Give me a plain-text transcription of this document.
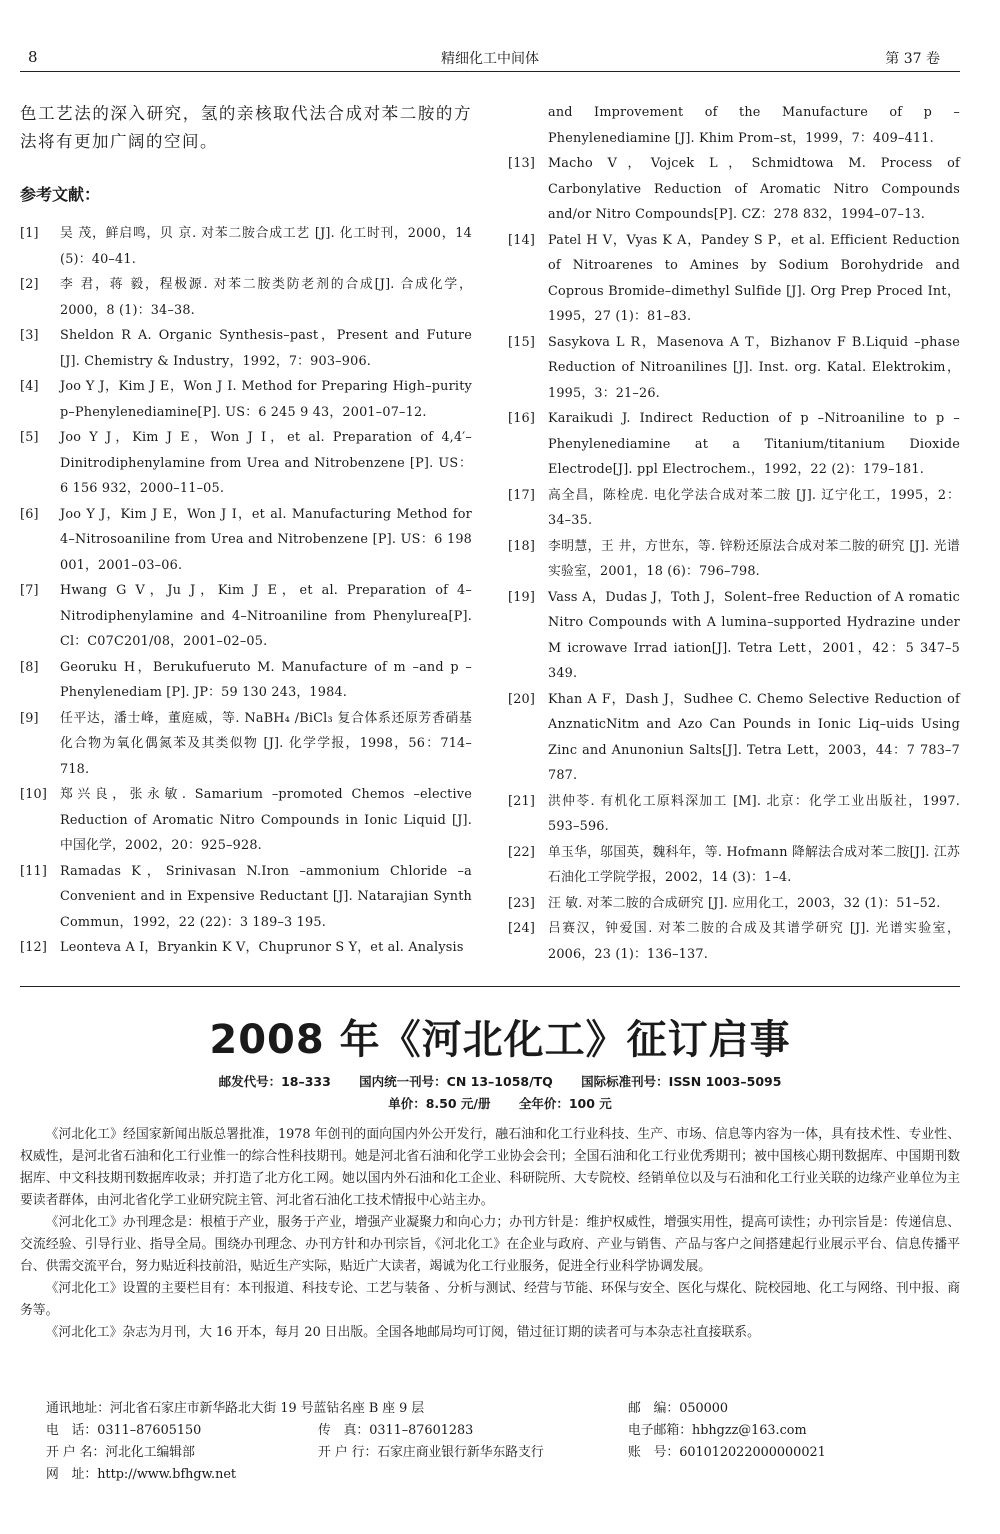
8	精细化工中间体	第 37 卷

色工艺法的深入研究，氢的亲核取代法合成对苯二胺的方法将有更加广阔的空间。

参考文献：
[1] 吴 茂，鲜启鸣，贝 京. 对苯二胺合成工艺 [J]. 化工时刊，2000，14 (5)：40–41.
[2] 李 君，蒋 毅，程极源. 对苯二胺类防老剂的合成[J]. 合成化学，2000，8 (1)：34–38.
[3] Sheldon R A. Organic Synthesis–past，Present and Future [J]. Chemistry & Industry，1992，7：903–906.
[4] Joo Y J，Kim J E，Won J I. Method for Preparing High–purity p–Phenylenediamine[P]. US：6 245 9 43，2001–07–12.
[5] Joo Y J，Kim J E，Won J I，et al. Preparation of 4,4′–Dinitrodiphenylamine from Urea and Nitrobenzene [P]. US：6 156 932，2000–11–05.
[6] Joo Y J，Kim J E，Won J I，et al. Manufacturing Method for 4–Nitrosoaniline from Urea and Nitrobenzene [P]. US：6 198 001，2001–03–06.
[7] Hwang G V，Ju J，Kim J E，et al. Preparation of 4–Nitrodiphenylamine and 4–Nitroaniline from Phenylurea[P]. Cl：C07C201/08，2001–02–05.
[8] Georuku H，Berukufueruto M. Manufacture of m –and p –Phenylenediam [P]. JP：59 130 243，1984.
[9] 任平达，潘士峰，董庭威，等. NaBH₄ /BiCl₃ 复合体系还原芳香硝基化合物为氧化偶氮苯及其类似物 [J]. 化学学报，1998，56：714–718.
[10] 郑兴良，张永敏. Samarium –promoted Chemos –elective Reduction of Aromatic Nitro Compounds in Ionic Liquid [J]. 中国化学，2002，20：925–928.
[11] Ramadas K，Srinivasan N.Iron –ammonium Chloride –a Convenient and in Expensive Reductant [J]. Natarajian Synth Commun，1992，22 (22)：3 189–3 195.
[12] Leonteva A I，Bryankin K V，Chuprunor S Y，et al. Analysis
and Improvement of the Manufacture of p –Phenylenediamine [J]. Khim Prom–st，1999，7：409–411.
[13] Macho V，Vojcek L，Schmidtowa M. Process of Carbonylative Reduction of Aromatic Nitro Compounds and/or Nitro Compounds[P]. CZ：278 832，1994–07–13.
[14] Patel H V，Vyas K A，Pandey S P，et al. Efficient Reduction of Nitroarenes to Amines by Sodium Borohydride and Coprous Bromide–dimethyl Sulfide [J]. Org Prep Proced Int，1995，27 (1)：81–83.
[15] Sasykova L R，Masenova A T，Bizhanov F B.Liquid –phase Reduction of Nitroanilines [J]. Inst. org. Katal. Elektrokim，1995，3：21–26.
[16] Karaikudi J. Indirect Reduction of p –Nitroaniline to p –Phenylenediamine at a Titanium/titanium Dioxide Electrode[J]. ppl Electrochem.，1992，22 (2)：179–181.
[17] 高全昌，陈栓虎. 电化学法合成对苯二胺 [J]. 辽宁化工，1995，2：34–35.
[18] 李明慧，王 井，方世东，等. 锌粉还原法合成对苯二胺的研究 [J]. 光谱实验室，2001，18 (6)：796–798.
[19] Vass A，Dudas J，Toth J，Solent–free Reduction of A romatic Nitro Compounds with A lumina–supported Hydrazine under M icrowave Irrad iation[J]. Tetra Lett，2001，42：5 347–5 349.
[20] Khan A F，Dash J，Sudhee C. Chemo Selective Reduction of AnznaticNitm and Azo Can Pounds in Ionic Liq–uids Using Zinc and Anunoniun Salts[J]. Tetra Lett，2003，44：7 783–7 787.
[21] 洪仲苓. 有机化工原料深加工 [M]. 北京：化学工业出版社，1997. 593–596.
[22] 单玉华，邬国英，魏科年，等. Hofmann 降解法合成对苯二胺[J]. 江苏石油化工学院学报，2002，14 (3)：1–4.
[23] 汪 敏. 对苯二胺的合成研究 [J]. 应用化工，2003，32 (1)：51–52.
[24] 吕赛汉，钟爱国. 对苯二胺的合成及其谱学研究 [J]. 光谱实验室，2006，23 (1)：136–137.
2008 年《河北化工》征订启事
邮发代号：18–333 国内统一刊号：CN 13–1058/TQ 国际标准刊号：ISSN 1003–5095
单价：8.50 元/册 全年价：100 元

《河北化工》经国家新闻出版总署批准，1978 年创刊的面向国内外公开发行，融石油和化工行业科技、生产、市场、信息等内容为一体，具有技术性、专业性、权威性，是河北省石油和化工行业惟一的综合性科技期刊。她是河北省石油和化学工业协会会刊；全国石油和化工行业优秀期刊；被中国核心期刊数据库、中国期刊数据库、中文科技期刊数据库收录；并打造了北方化工网。她以国内外石油和化工企业、科研院所、大专院校、经销单位以及与石油和化工行业关联的边缘产业单位为主要读者群体，由河北省化学工业研究院主管、河北省石油化工技术情报中心站主办。

《河北化工》办刊理念是：根植于产业，服务于产业，增强产业凝聚力和向心力；办刊方针是：维护权威性，增强实用性，提高可读性；办刊宗旨是：传递信息、交流经验、引导行业、指导全局。围绕办刊理念、办刊方针和办刊宗旨，《河北化工》在企业与政府、产业与销售、产品与客户之间搭建起行业展示平台、信息传播平台、供需交流平台，努力贴近科技前沿，贴近生产实际，贴近广大读者，竭诚为化工行业服务，促进全行业科学协调发展。

《河北化工》设置的主要栏目有：本刊报道、科技专论、工艺与装备 、分析与测试、经营与节能、环保与安全、医化与煤化、院校园地、化工与网络、刊中报、商务等。

《河北化工》杂志为月刊，大 16 开本，每月 20 日出版。全国各地邮局均可订阅，错过征订期的读者可与本杂志社直接联系。

通讯地址：河北省石家庄市新华路北大街 19 号蓝钻名座 B 座 9 层	邮　编：050000
电　话：0311–87605150	传　真：0311–87601283	电子邮箱：hbhgzz@163.com
开 户 名：河北化工编辑部	开 户 行：石家庄商业银行新华东路支行	账　号：601012022000000021
网　址：http://www.bfhgw.net
